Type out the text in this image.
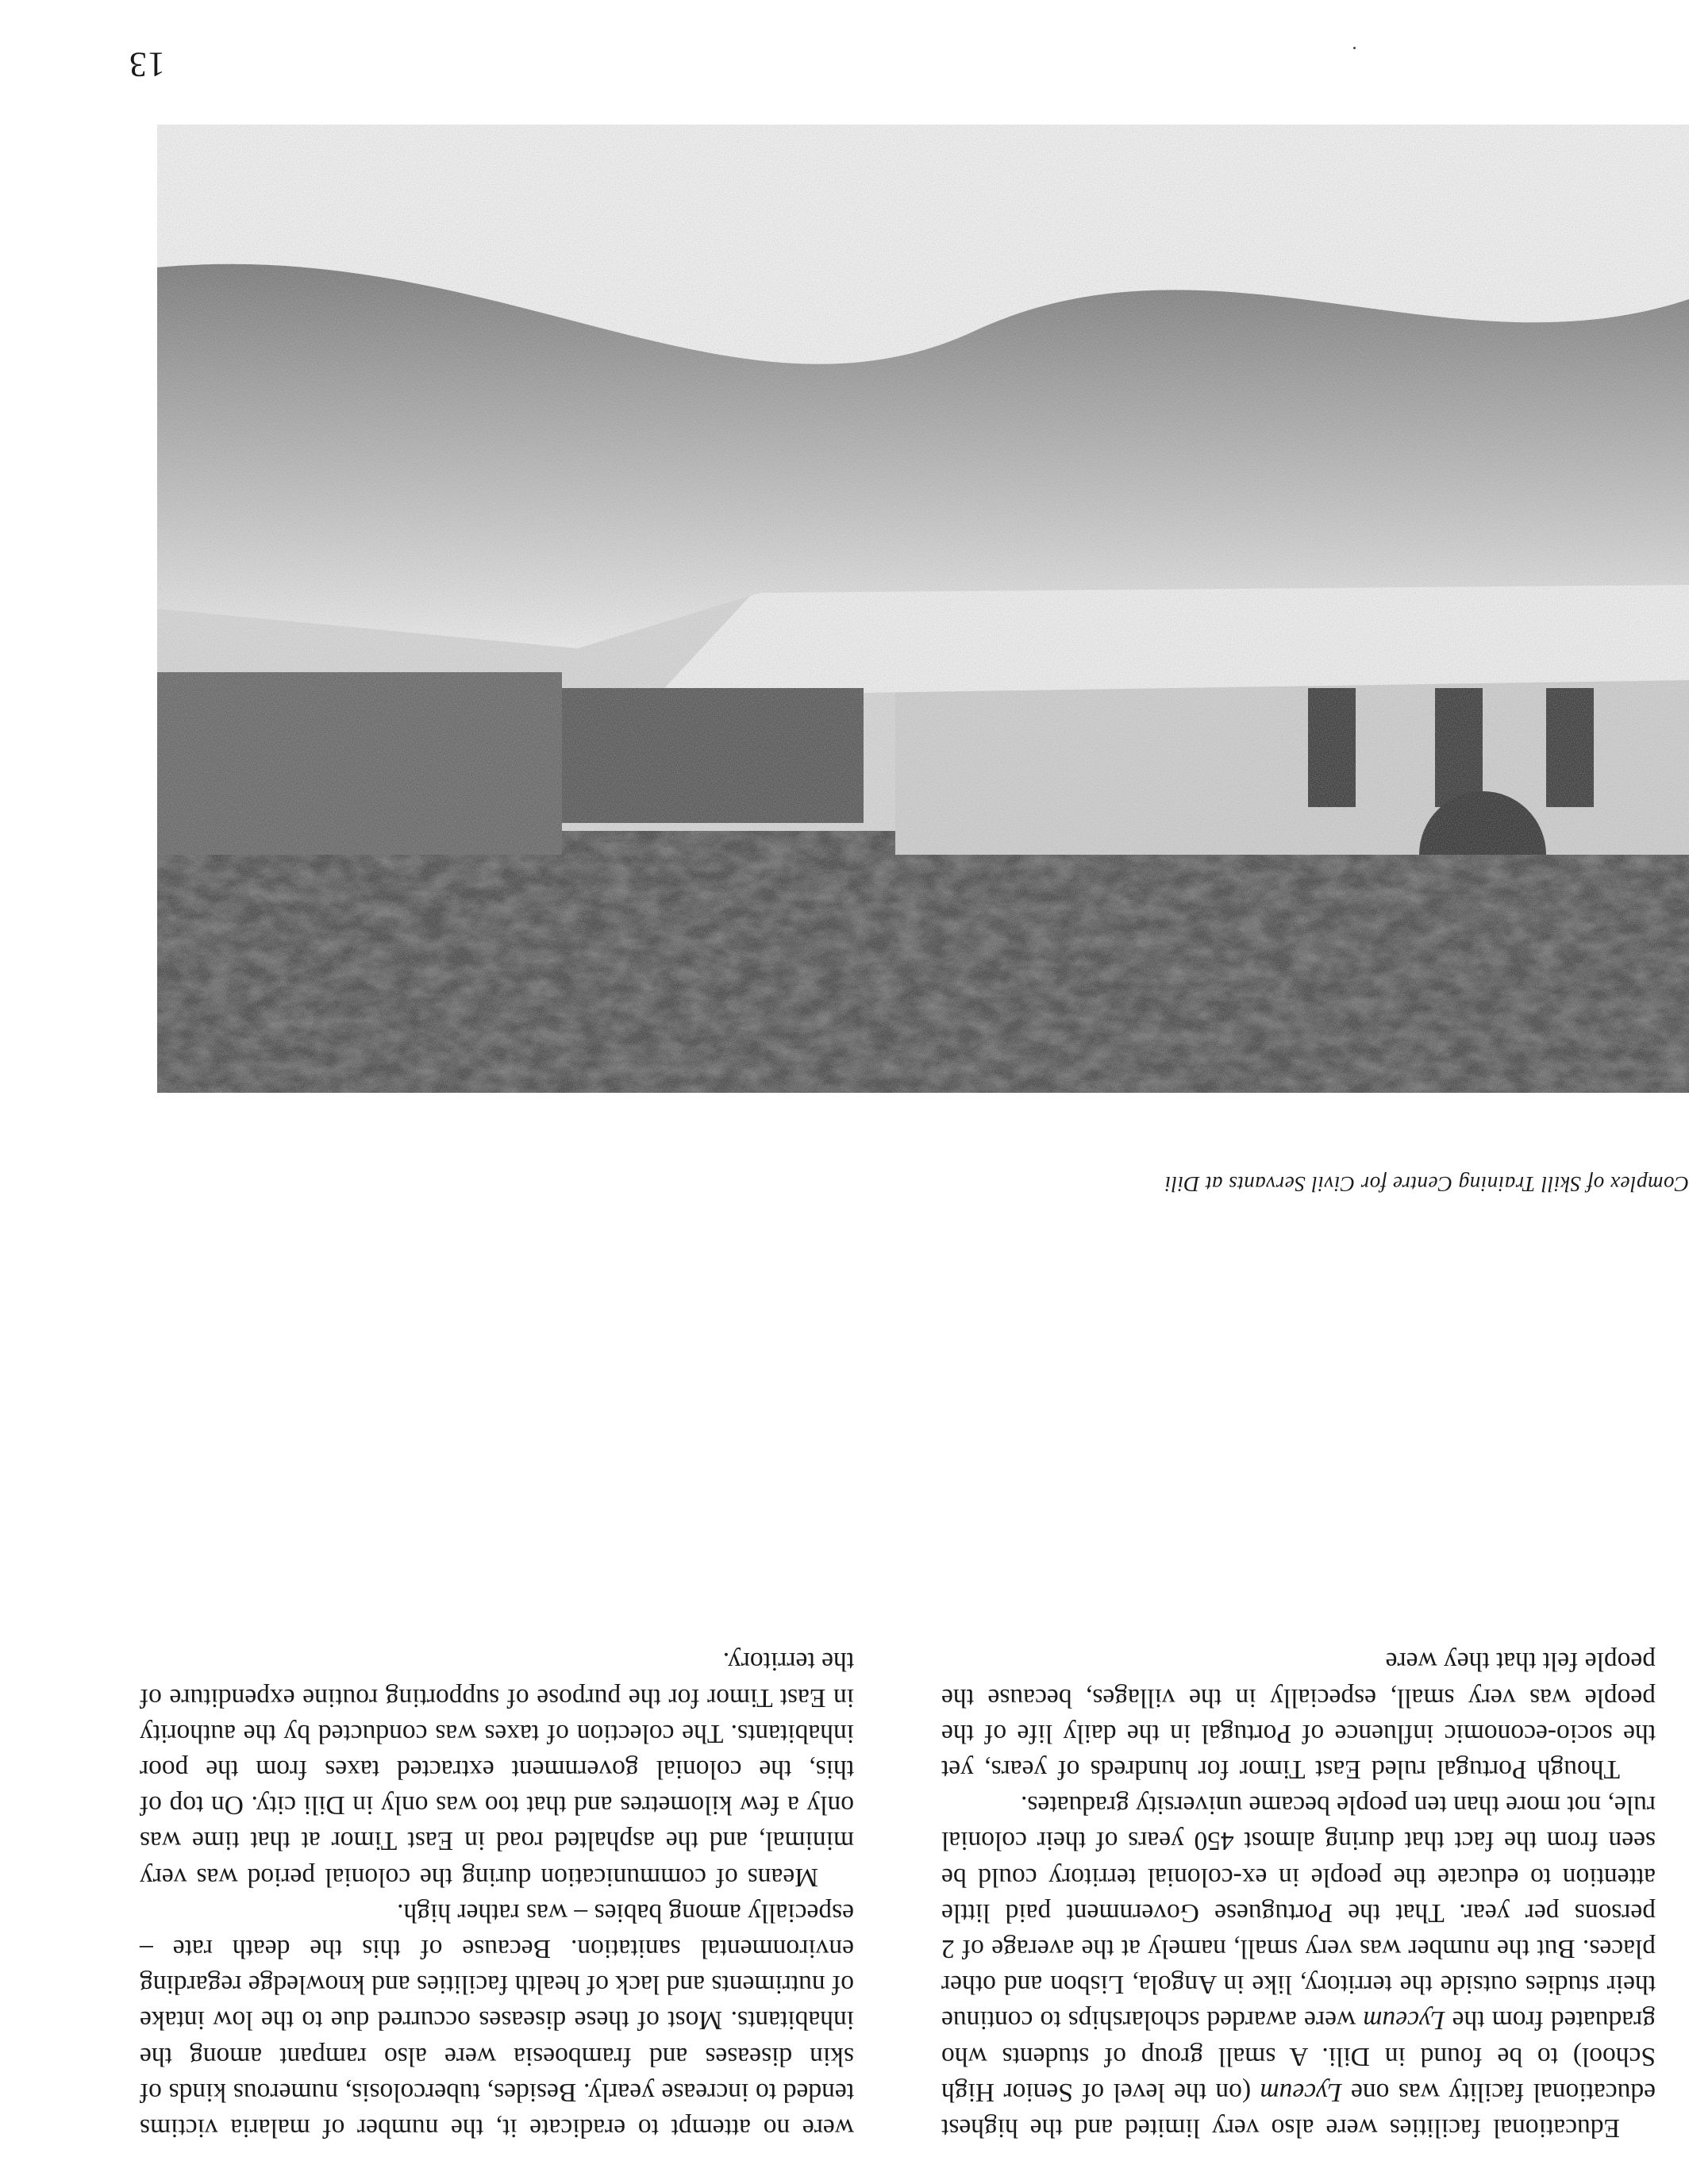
13
Complex of Skill Training Centre for Civil Servants at Dili

Educational facilities were also very limited and the highest educational facility was one Lyceum (on the level of Senior High School) to be found in Dili. A small group of students who graduated from the Lyceum were awarded scholarships to continue their studies outside the territory, like in Angola, Lisbon and other places. But the number was very small, namely at the average of 2 persons per year. That the Portuguese Government paid little attention to educate the people in ex-colonial territory could be seen from the fact that during almost 450 years of their colonial rule, not more than ten people became university graduates.

Though Portugal ruled East Timor for hundreds of years, yet the socio-economic influence of Portugal in the daily life of the people was very small, especially in the villages, because the people felt that they were

were no attempt to eradicate it, the number of malaria victims tended to increase yearly. Besides, tubercolosis, numerous kinds of skin diseases and framboesia were also rampant among the inhabitants. Most of these diseases occurred due to the low intake of nutriments and lack of health facilities and knowledge regarding environmental sanitation. Because of this the death rate – especially among babies – was rather high.

Means of communication during the colonial period was very minimal, and the asphalted road in East Timor at that time was only a few kilometres and that too was only in Dili city. On top of this, the colonial government extracted taxes from the poor inhabitants. The colection of taxes was conducted by the authority in East Timor for the purpose of supporting routine expenditure of the territory.
